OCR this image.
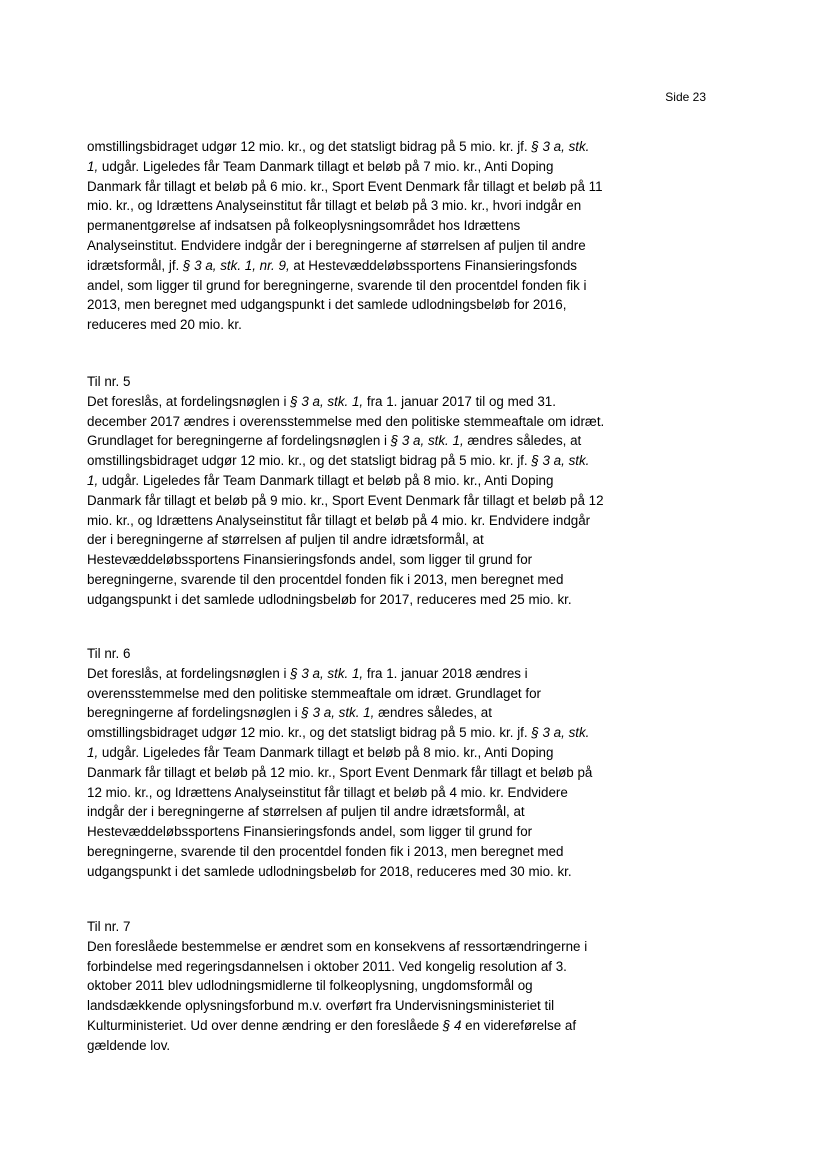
Side 23
omstillingsbidraget udgør 12 mio. kr., og det statsligt bidrag på 5 mio. kr. jf. § 3 a, stk.
1, udgår. Ligeledes får Team Danmark tillagt et beløb på 7 mio. kr., Anti Doping
Danmark får tillagt et beløb på 6 mio. kr., Sport Event Denmark får tillagt et beløb på 11
mio. kr., og Idrættens Analyseinstitut får tillagt et beløb på 3 mio. kr., hvori indgår en
permanentgørelse af indsatsen på folkeoplysningsområdet hos Idrættens
Analyseinstitut. Endvidere indgår der i beregningerne af størrelsen af puljen til andre
idrætsformål, jf. § 3 a, stk. 1, nr. 9, at Hestevæddeløbssportens Finansieringsfonds
andel, som ligger til grund for beregningerne, svarende til den procentdel fonden fik i
2013, men beregnet med udgangspunkt i det samlede udlodningsbeløb for 2016,
reduceres med 20 mio. kr.
Til nr. 5
Det foreslås, at fordelingsnøglen i § 3 a, stk. 1, fra 1. januar 2017 til og med 31.
december 2017 ændres i overensstemmelse med den politiske stemmeaftale om idræt.
Grundlaget for beregningerne af fordelingsnøglen i § 3 a, stk. 1, ændres således, at
omstillingsbidraget udgør 12 mio. kr., og det statsligt bidrag på 5 mio. kr. jf. § 3 a, stk.
1, udgår. Ligeledes får Team Danmark tillagt et beløb på 8 mio. kr., Anti Doping
Danmark får tillagt et beløb på 9 mio. kr., Sport Event Denmark får tillagt et beløb på 12
mio. kr., og Idrættens Analyseinstitut får tillagt et beløb på 4 mio. kr. Endvidere indgår
der i beregningerne af størrelsen af puljen til andre idrætsformål, at
Hestevæddeløbssportens Finansieringsfonds andel, som ligger til grund for
beregningerne, svarende til den procentdel fonden fik i 2013, men beregnet med
udgangspunkt i det samlede udlodningsbeløb for 2017, reduceres med 25 mio. kr.
Til nr. 6
Det foreslås, at fordelingsnøglen i § 3 a, stk. 1, fra 1. januar 2018 ændres i
overensstemmelse med den politiske stemmeaftale om idræt. Grundlaget for
beregningerne af fordelingsnøglen i § 3 a, stk. 1, ændres således, at
omstillingsbidraget udgør 12 mio. kr., og det statsligt bidrag på 5 mio. kr. jf. § 3 a, stk.
1, udgår. Ligeledes får Team Danmark tillagt et beløb på 8 mio. kr., Anti Doping
Danmark får tillagt et beløb på 12 mio. kr., Sport Event Denmark får tillagt et beløb på
12 mio. kr., og Idrættens Analyseinstitut får tillagt et beløb på 4 mio. kr. Endvidere
indgår der i beregningerne af størrelsen af puljen til andre idrætsformål, at
Hestevæddeløbssportens Finansieringsfonds andel, som ligger til grund for
beregningerne, svarende til den procentdel fonden fik i 2013, men beregnet med
udgangspunkt i det samlede udlodningsbeløb for 2018, reduceres med 30 mio. kr.
Til nr. 7
Den foreslåede bestemmelse er ændret som en konsekvens af ressortændringerne i
forbindelse med regeringsdannelsen i oktober 2011. Ved kongelig resolution af 3.
oktober 2011 blev udlodningsmidlerne til folkeoplysning, ungdomsformål og
landsdækkende oplysningsforbund m.v. overført fra Undervisningsministeriet til
Kulturministeriet. Ud over denne ændring er den foreslåede § 4 en videreførelse af
gældende lov.
